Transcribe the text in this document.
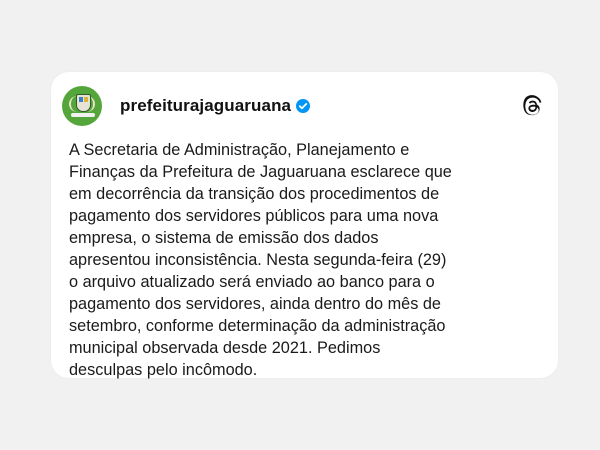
prefeiturajaguaruana
A Secretaria de Administração, Planejamento e
Finanças da Prefeitura de Jaguaruana esclarece que
em decorrência da transição dos procedimentos de
pagamento dos servidores públicos para uma nova
empresa, o sistema de emissão dos dados
apresentou inconsistência. Nesta segunda-feira (29)
o arquivo atualizado será enviado ao banco para o
pagamento dos servidores, ainda dentro do mês de
setembro, conforme determinação da administração
municipal observada desde 2021. Pedimos
desculpas pelo incômodo.
